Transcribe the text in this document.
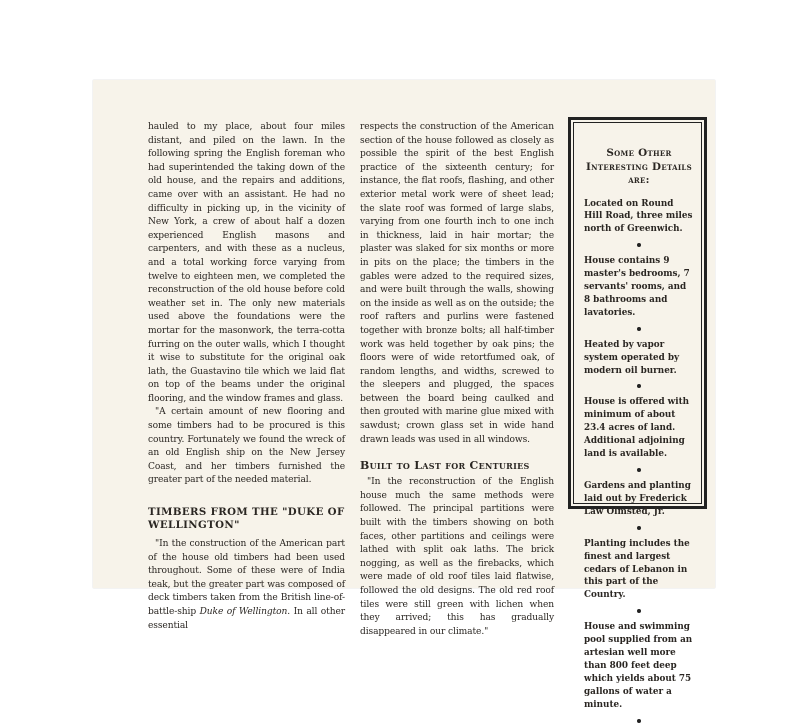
hauled to my place, about four miles distant, and piled on the lawn. In the following spring the English foreman who had superintended the taking down of the old house, and the repairs and additions, came over with an assistant. He had no difficulty in picking up, in the vicinity of New York, a crew of about half a dozen experienced English masons and carpenters, and with these as a nucleus, and a total working force varying from twelve to eighteen men, we completed the reconstruction of the old house before cold weather set in. The only new materials used above the foundations were the mortar for the masonwork, the terra-cotta furring on the outer walls, which I thought it wise to substitute for the original oak lath, the Guastavino tile which we laid flat on top of the beams under the original flooring, and the window frames and glass.

"A certain amount of new flooring and some timbers had to be procured is this country. Fortunately we found the wreck of an old English ship on the New Jersey Coast, and her timbers furnished the greater part of the needed material.

TIMBERS FROM THE "DUKE OF WELLINGTON"

"In the construction of the American part of the house old timbers had been used throughout. Some of these were of India teak, but the greater part was composed of deck timbers taken from the British line-of-battle-ship Duke of Wellington. In all other essential

respects the construction of the American section of the house followed as closely as possible the spirit of the best English practice of the sixteenth century; for instance, the flat roofs, flashing, and other exterior metal work were of sheet lead; the slate roof was formed of large slabs, varying from one fourth inch to one inch in thickness, laid in hair mortar; the plaster was slaked for six months or more in pits on the place; the timbers in the gables were adzed to the required sizes, and were built through the walls, showing on the inside as well as on the outside; the roof rafters and purlins were fastened together with bronze bolts; all half-timber work was held together by oak pins; the floors were of wide retortfumed oak, of random lengths, and widths, screwed to the sleepers and plugged, the spaces between the board being caulked and then grouted with marine glue mixed with sawdust; crown glass set in wide hand drawn leads was used in all windows.

Built to Last for Centuries

"In the reconstruction of the English house much the same methods were followed. The principal partitions were built with the timbers showing on both faces, other partitions and ceilings were lathed with split oak laths. The brick nogging, as well as the firebacks, which were made of old roof tiles laid flatwise, followed the old designs. The old red roof tiles were still green with lichen when they arrived; this has gradually disappeared in our climate."

Some Other Interesting Details are:
Located on Round Hill Road, three miles north of Greenwich.
House contains 9 master's bedrooms, 7 servants' rooms, and 8 bathrooms and lavatories.
Heated by vapor system operated by modern oil burner.
House is offered with minimum of about 23.4 acres of land. Additional adjoining land is available.
Gardens and planting laid out by Frederick Law Olmsted, Jr.
Planting includes the finest and largest cedars of Lebanon in this part of the Country.
House and swimming pool supplied from an artesian well more than 800 feet deep which yields about 75 gallons of water a minute.
